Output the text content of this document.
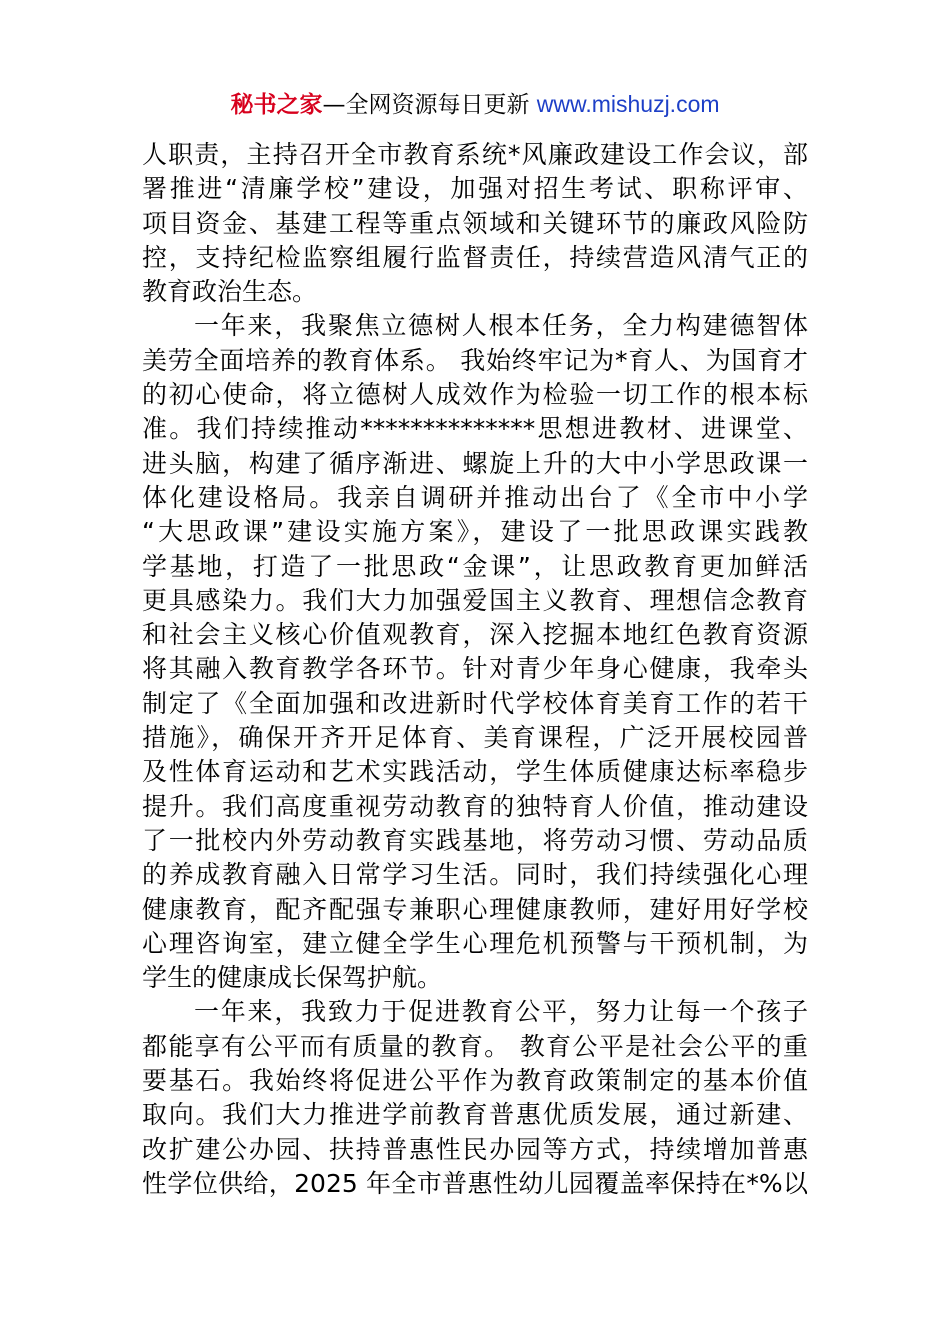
秘书之家—全网资源每日更新 www.mishuzj.com
人职责，主持召开全市教育系统*风廉政建设工作会议，部
署推进“清廉学校”建设，加强对招生考试、职称评审、
项目资金、基建工程等重点领域和关键环节的廉政风险防
控，支持纪检监察组履行监督责任，持续营造风清气正的
教育政治生态。
一年来，我聚焦立德树人根本任务，全力构建德智体
美劳全面培养的教育体系。 我始终牢记为*育人、为国育才
的初心使命，将立德树人成效作为检验一切工作的根本标
准。我们持续推动**************思想进教材、进课堂、
进头脑，构建了循序渐进、螺旋上升的大中小学思政课一
体化建设格局。我亲自调研并推动出台了《全市中小学
“大思政课”建设实施方案》，建设了一批思政课实践教
学基地，打造了一批思政“金课”，让思政教育更加鲜活
更具感染力。我们大力加强爱国主义教育、理想信念教育
和社会主义核心价值观教育，深入挖掘本地红色教育资源
将其融入教育教学各环节。针对青少年身心健康，我牵头
制定了《全面加强和改进新时代学校体育美育工作的若干
措施》，确保开齐开足体育、美育课程，广泛开展校园普
及性体育运动和艺术实践活动，学生体质健康达标率稳步
提升。我们高度重视劳动教育的独特育人价值，推动建设
了一批校内外劳动教育实践基地，将劳动习惯、劳动品质
的养成教育融入日常学习生活。同时，我们持续强化心理
健康教育，配齐配强专兼职心理健康教师，建好用好学校
心理咨询室，建立健全学生心理危机预警与干预机制，为
学生的健康成长保驾护航。
一年来，我致力于促进教育公平，努力让每一个孩子
都能享有公平而有质量的教育。 教育公平是社会公平的重
要基石。我始终将促进公平作为教育政策制定的基本价值
取向。我们大力推进学前教育普惠优质发展，通过新建、
改扩建公办园、扶持普惠性民办园等方式，持续增加普惠
性学位供给，2025 年全市普惠性幼儿园覆盖率保持在*%以
